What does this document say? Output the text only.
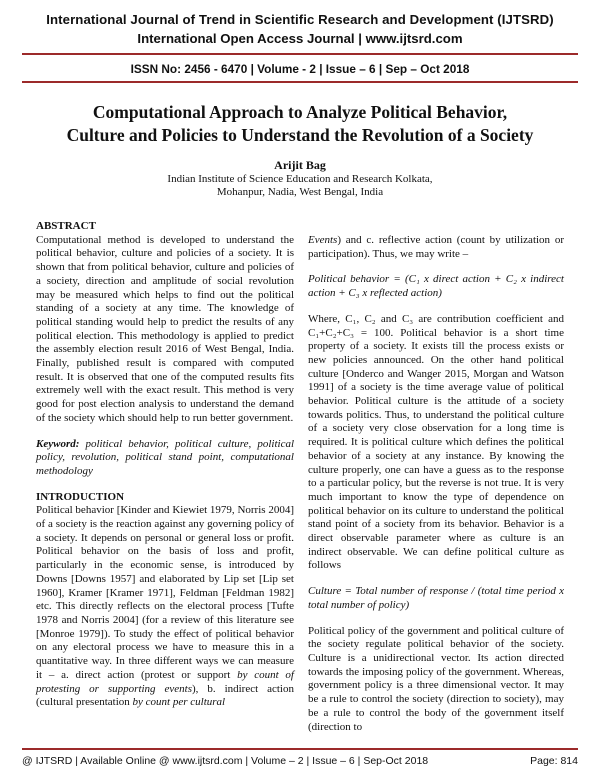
International Journal of Trend in Scientific Research and Development (IJTSRD)
International Open Access Journal | www.ijtsrd.com
ISSN No: 2456 - 6470 | Volume - 2 | Issue – 6 | Sep – Oct 2018
Computational Approach to Analyze Political Behavior,
Culture and Policies to Understand the Revolution of a Society
Arijit Bag
Indian Institute of Science Education and Research Kolkata,
Mohanpur, Nadia, West Bengal, India

ABSTRACT

Computational method is developed to understand the political behavior, culture and policies of a society. It is shown that from political behavior, culture and policies of a society, direction and amplitude of social revolution may be measured which helps to find out the political standing of a society at any time. The knowledge of political standing would help to predict the results of any political election. This methodology is applied to predict the assembly election result 2016 of West Bengal, India. Finally, published result is compared with computed result. It is observed that one of the computed results fits extremely well with the exact result. This method is very good for post election analysis to understand the demand of the society which should help to run better government.

Keyword: political behavior, political culture, political policy, revolution, political stand point, computational methodology

INTRODUCTION

Political behavior [Kinder and Kiewiet 1979, Norris 2004] of a society is the reaction against any governing policy of a society. It depends on personal or general loss or profit. Political behavior on the basis of loss and profit, particularly in the economic sense, is introduced by Downs [Downs 1957] and elaborated by Lip set [Lip set 1960], Kramer [Kramer 1971], Feldman [Feldman 1982] etc. This directly reflects on the electoral process [Tufte 1978 and Norris 2004] (for a review of this literature see [Monroe 1979]). To study the effect of political behavior on any electoral process we have to measure this in a quantitative way. In three different ways we can measure it – a. direct action (protest or support by count of protesting or supporting events), b. indirect action (cultural presentation by count per cultural

Events) and c. reflective action (count by utilization or participation). Thus, we may write –

Political behavior = (C₁ x direct action + C₂ x indirect action + C₃ x reflected action)

Where, C₁, C₂ and C₃ are contribution coefficient and C₁+C₂+C₃ = 100. Political behavior is a short time property of a society. It exists till the process exists or new policies announced. On the other hand political culture [Onderco and Wanger 2015, Morgan and Watson 1991] of a society is the time average value of political behavior. Political culture is the attitude of a society towards politics. Thus, to understand the political culture of a society very close observation for a long time is required. It is political culture which defines the political behavior of a society at any instance. By knowing the culture properly, one can have a guess as to the response to a particular policy, but the reverse is not true. It is very much important to know the type of dependence on political behavior on its culture to understand the political stand point of a society from its behavior. Behavior is a direct observable parameter where as culture is an indirect observable. We can define political culture as follows

Culture = Total number of response / (total time period x total number of policy)

Political policy of the government and political culture of the society regulate political behavior of the society. Culture is a unidirectional vector. Its action directed towards the imposing policy of the government. Whereas, government policy is a three dimensional vector. It may be a rule to control the society (direction to society), may be a rule to control the body of the government itself (direction to

@ IJTSRD | Available Online @ www.ijtsrd.com | Volume – 2 | Issue – 6 | Sep-Oct 2018	Page: 814
